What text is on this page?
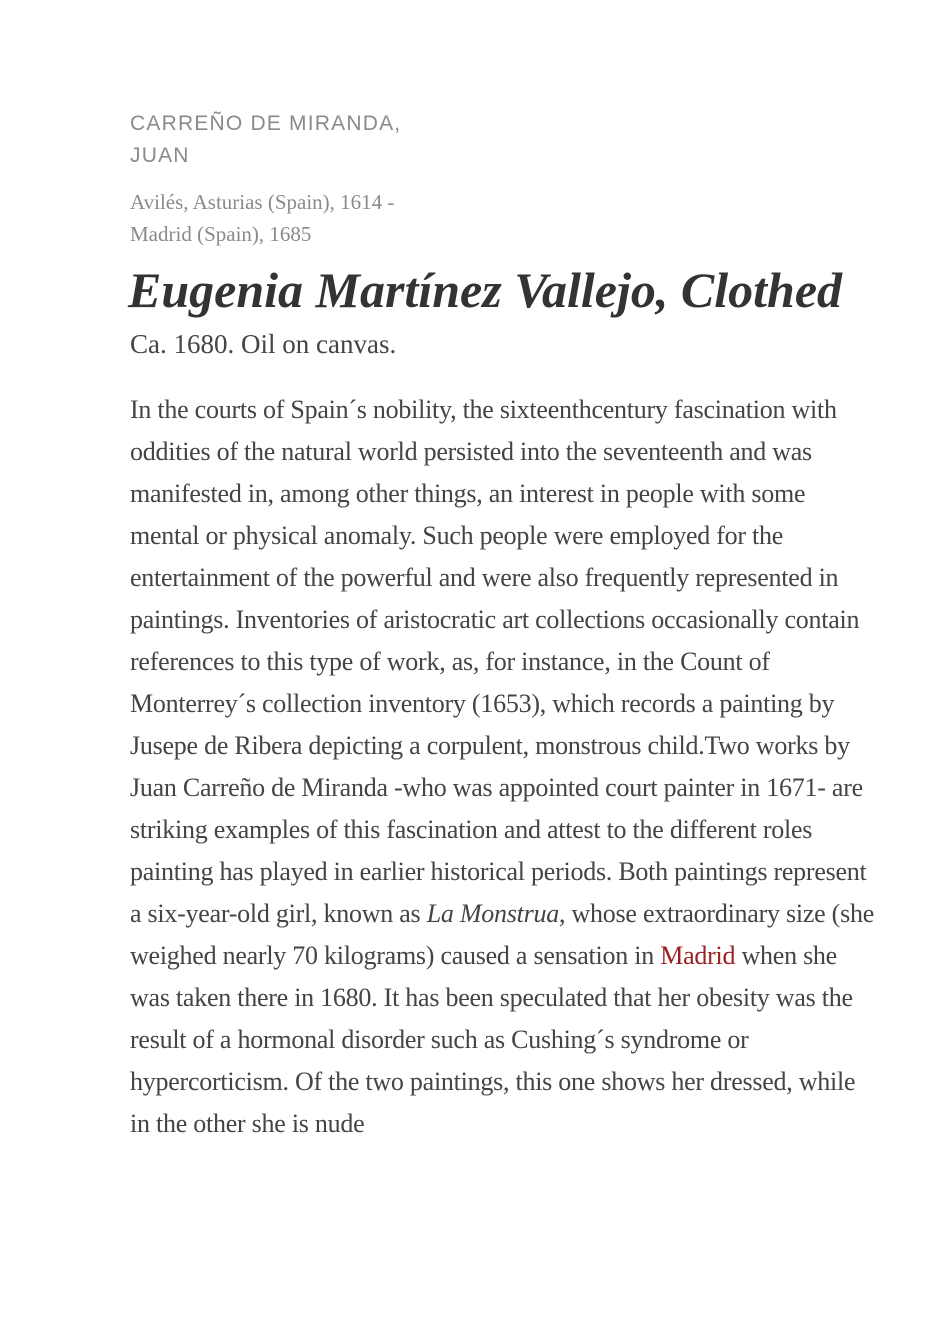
CARREÑO DE MIRANDA, JUAN
Avilés, Asturias (Spain), 1614 - Madrid (Spain), 1685
Eugenia Martínez Vallejo, Clothed
Ca. 1680. Oil on canvas.

In the courts of Spain´s nobility, the sixteenthcentury fascination with oddities of the natural world persisted into the seventeenth and was manifested in, among other things, an interest in people with some mental or physical anomaly. Such people were employed for the entertainment of the powerful and were also frequently represented in paintings. Inventories of aristocratic art collections occasionally contain references to this type of work, as, for instance, in the Count of Monterrey´s collection inventory (1653), which records a painting by Jusepe de Ribera depicting a corpulent, monstrous child.Two works by Juan Carreño de Miranda -who was appointed court painter in 1671- are striking examples of this fascination and attest to the different roles painting has played in earlier historical periods. Both paintings represent a six-year-old girl, known as La Monstrua, whose extraordinary size (she weighed nearly 70 kilograms) caused a sensation in Madrid when she was taken there in 1680. It has been speculated that her obesity was the result of a hormonal disorder such as Cushing´s syndrome or hypercorticism. Of the two paintings, this one shows her dressed, while in the other she is nude
